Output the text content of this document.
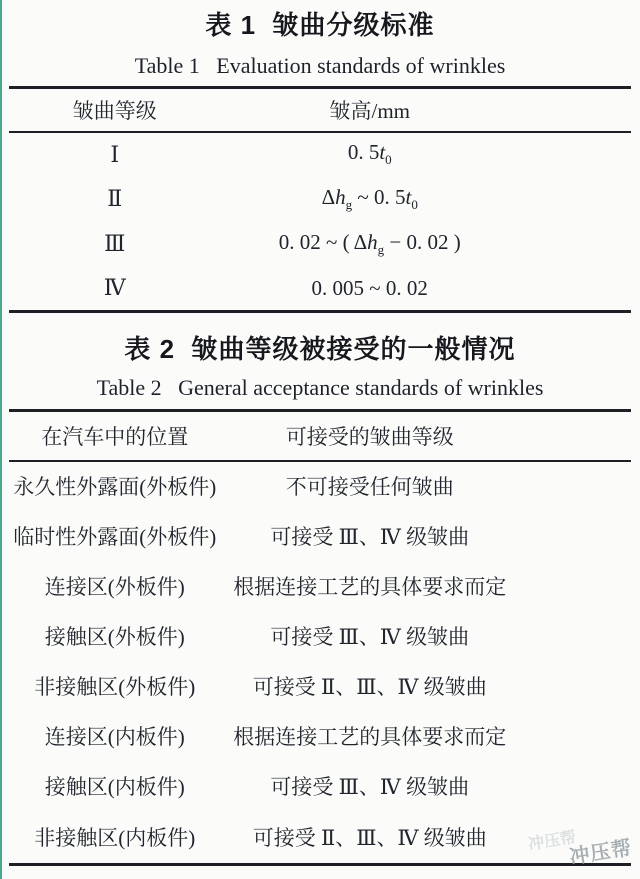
表 1  皱曲分级标准
Table 1   Evaluation standards of wrinkles
皱曲等级	皱高/mm	
Ⅰ	0. $5t_0$	
Ⅱ	$\Delta h_g$ ~ 0. $5t_0$	
Ⅲ	0. 02 ~ ( $\Delta h_g - 0$. 02 )	
Ⅳ	0. 005 ~ 0. 02	
表 2  皱曲等级被接受的一般情况
Table 2   General acceptance standards of wrinkles
在汽车中的位置	可接受的皱曲等级	
永久性外露面(外板件)	不可接受任何皱曲	
临时性外露面(外板件)	可接受 Ⅲ、Ⅳ 级皱曲	
连接区(外板件)	根据连接工艺的具体要求而定	
接触区(外板件)	可接受 Ⅲ、Ⅳ 级皱曲	
非接触区(外板件)	可接受 Ⅱ、Ⅲ、Ⅳ 级皱曲	
连接区(内板件)	根据连接工艺的具体要求而定	
接触区(内板件)	可接受 Ⅲ、Ⅳ 级皱曲	
非接触区(内板件)	可接受 Ⅱ、Ⅲ、Ⅳ 级皱曲		冲压帮
冲压帮
